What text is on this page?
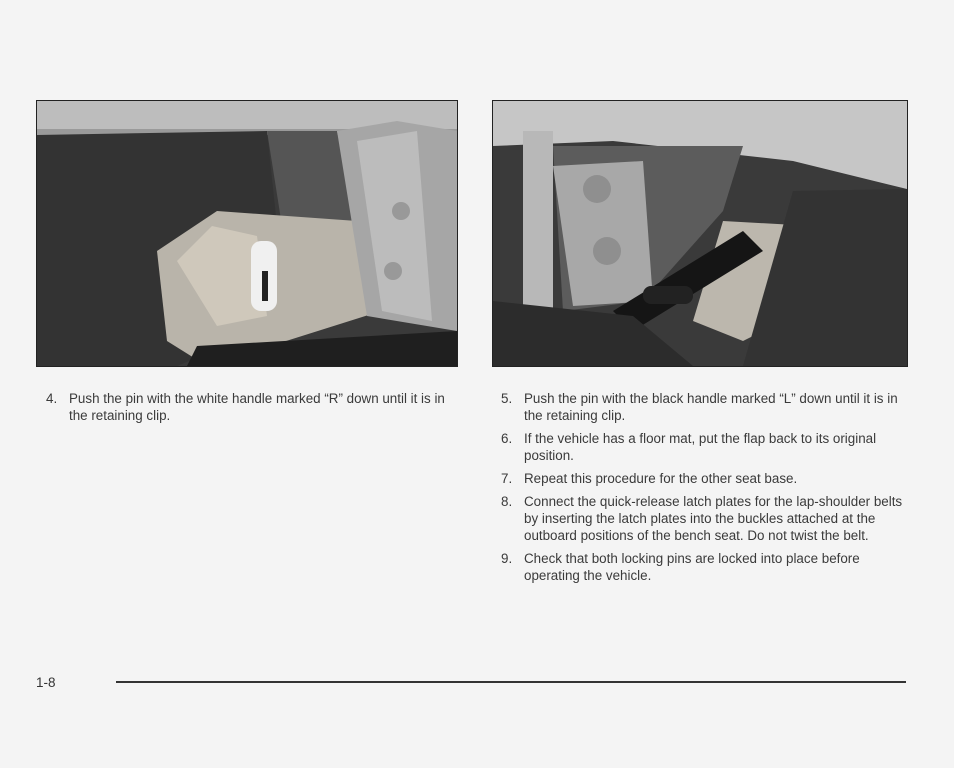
4. Push the pin with the white handle marked “R” down until it is in the retaining clip.
5. Push the pin with the black handle marked “L” down until it is in the retaining clip.
6. If the vehicle has a floor mat, put the flap back to its original position.
7. Repeat this procedure for the other seat base.
8. Connect the quick-release latch plates for the lap-shoulder belts by inserting the latch plates into the buckles attached at the outboard positions of the bench seat. Do not twist the belt.
9. Check that both locking pins are locked into place before operating the vehicle.
1-8
